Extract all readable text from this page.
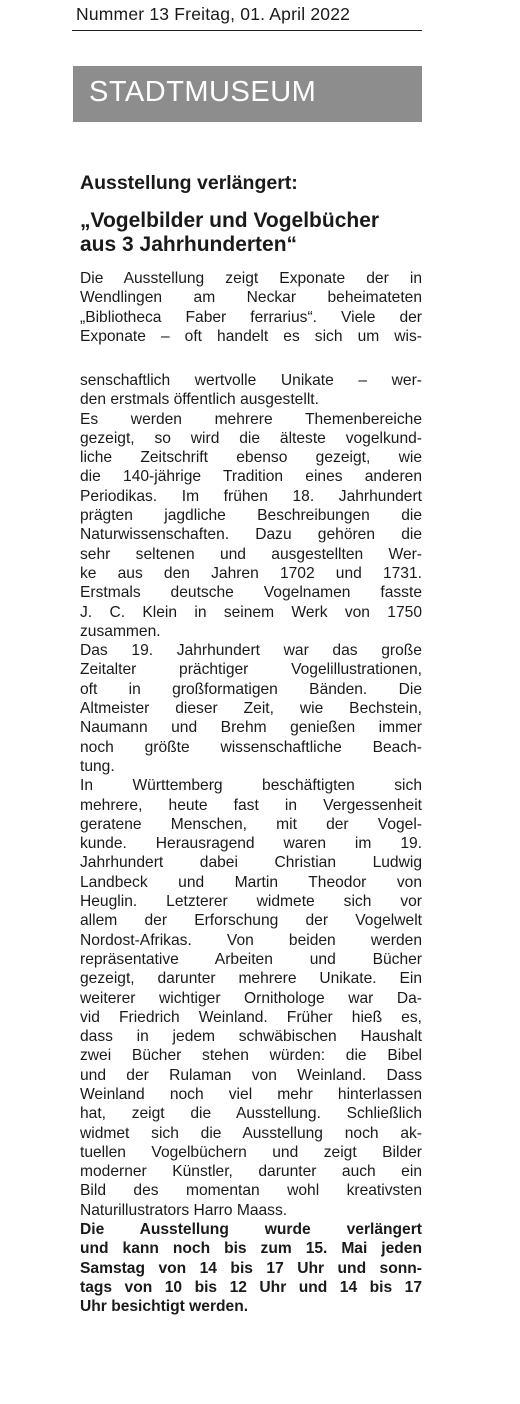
Nummer 13 Freitag, 01. April 2022
STADTMUSEUM
Ausstellung verlängert:
„Vogelbilder und Vogelbücher
aus 3 Jahrhunderten“
Die Ausstellung zeigt Exponate der in
Wendlingen am Neckar beheimateten
„Bibliotheca Faber ferrarius“. Viele der
Exponate – oft handelt es sich um wis-
senschaftlich wertvolle Unikate – wer-
den erstmals öffentlich ausgestellt.
Es werden mehrere Themenbereiche
gezeigt, so wird die älteste vogelkund-
liche Zeitschrift ebenso gezeigt, wie
die 140-jährige Tradition eines anderen
Periodikas. Im frühen 18. Jahrhundert
prägten jagdliche Beschreibungen die
Naturwissenschaften. Dazu gehören die
sehr seltenen und ausgestellten Wer-
ke aus den Jahren 1702 und 1731.
Erstmals deutsche Vogelnamen fasste
J. C. Klein in seinem Werk von 1750
zusammen.
Das 19. Jahrhundert war das große
Zeitalter prächtiger Vogelillustrationen,
oft in großformatigen Bänden. Die
Altmeister dieser Zeit, wie Bechstein,
Naumann und Brehm genießen immer
noch größte wissenschaftliche Beach-
tung.
In Württemberg beschäftigten sich
mehrere, heute fast in Vergessenheit
geratene Menschen, mit der Vogel-
kunde. Herausragend waren im 19.
Jahrhundert dabei Christian Ludwig
Landbeck und Martin Theodor von
Heuglin. Letzterer widmete sich vor
allem der Erforschung der Vogelwelt
Nordost-Afrikas. Von beiden werden
repräsentative Arbeiten und Bücher
gezeigt, darunter mehrere Unikate. Ein
weiterer wichtiger Ornithologe war Da-
vid Friedrich Weinland. Früher hieß es,
dass in jedem schwäbischen Haushalt
zwei Bücher stehen würden: die Bibel
und der Rulaman von Weinland. Dass
Weinland noch viel mehr hinterlassen
hat, zeigt die Ausstellung. Schließlich
widmet sich die Ausstellung noch ak-
tuellen Vogelbüchern und zeigt Bilder
moderner Künstler, darunter auch ein
Bild des momentan wohl kreativsten
Naturillustrators Harro Maass.
Die Ausstellung wurde verlängert
und kann noch bis zum 15. Mai jeden
Samstag von 14 bis 17 Uhr und sonn-
tags von 10 bis 12 Uhr und 14 bis 17
Uhr besichtigt werden.
